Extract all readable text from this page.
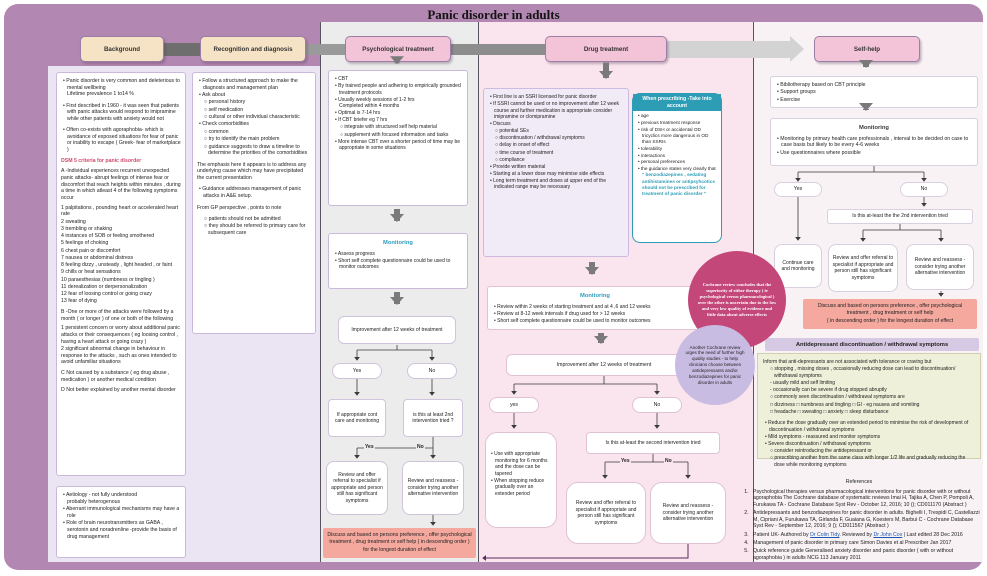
Panic disorder in adults
Background	Recognition and diagnosis	Psychological treatment	Drug treatment	Self-help
• Panic disorder is very common and deleterious to mental wellbeing
Lifetime prevalence 1 to14 %
• First described in 1960 - it was seen that patients with panic attacks would respond to imipramine while other patients with anxiety would not
• Often co-exists with agoraphobia- which is avoidance of exposed situations for fear of panic or inability to escape ( Greek- fear of marketplace )
DSM 5 criteria for panic disorder
A -Individual experiences recurrent unexpected panic attacks- abrupt feelings of intense fear or discomfort that reach heights within minutes , during a time in which atleast 4 of the following symptoms occur
1 palpitations , pounding heart or accelerated heart rate
2 sweating
3 trembling or shaking
4 instances of SOB or feeling smothered
5 feelings of choking
6 chest pain or discomfort
7 nausea or abdominal distress
8 feeling dizzy , unsteady , light headed , or faint
9 chills or heat sensations
10 paraesthesias (numbness or tingling )
11 derealization or derpersonalization
12 fear of loosing control or going crazy
13 fear of dying
B -One or more of the attacks were followed by a month ( or longer ) of one or both of the following
1 persistent concern or worry about additional panic attacks or their consequences ( eg loosing control , having a heart attack or going crazy )
2 significant abnormal change in behaviour in response to the attacks , such as ones intended to avoid unfamiliar situations
C Not caused by a substance ( eg drug abuse , medication ) or another medical condition
D Not better explained by another mental disorder
• Aetiology - not fully understood
probably heterogenous
• Aberrant immunological mechanisms may have a role
• Role of brain neurotransmitters as GABA , serotonin and noradrenline -provide the basis of drug management
• Follow a structured approach to make the diagnosis and management plan
• Ask about
○ personal history
○ self medication
○ cultural or other individual characteristic
• Check comorbidities
○ common
○ try to identify the main problem
○ guidance suggests to draw a timeline to determine the priorities of the comorbidities
The emphasis here it appears is to address any underlying cause which may have precipitated the current presentation
• Guidance addresses management of panic attacks in A&E setup.
From GP perspective , points to note
○ patients should not be admitted
○ they should be referred to primary care for subsequent care
• CBT
• By trained people and adhering to empirically grounded treatment protocols
• Usually weekly sessions of 1-2 hrs
Completed within 4 months
• Optimal is 7-14 hrs
• If CBT briefer eg 7 hrs
○ integrate with structured self help material
○ supplement with focused information and tasks
• More intense CBT over a shorter period of time may be appropriate in some situations
Monitoring
• Assess progress
• Short self complete questionnaire could be used to monitor outcomes
Improvement after 12 weeks of treatment
Yes	No
If appropriate cont care and monitoring
is this at least 2nd intervention tried ?
Yes	No
Review and offer referral to specialist if appropriate and person still has significant symptoms
Review and reassess - consider trying another alternative intervention
Discuss and based on persons preference , offer psychological treatment , drug treatment or self help ( in descending order ) for the longest duration of effect
• First line is an SSRI licensed for panic disorder
• If SSRI cannot be used or no improvement after 12 week course and further medication is appropriate consider imipramine or clomipramine
• Discuss
○ potential SEs
○ discontinuation / withdrawal symptoms
○ delay in onset of effect
○ time course of treatment
○ compliance
• Provide written material
• Starting at a lower dose may minimise side effects
• Long term treatment and doses at upper end of the indicated range may be necessary
When prescribing -Take into account
• age
• previous treatment response
• risk of DSH or accidental OD tricyclics more dangerous in OD than SSRIs
• tolerability
• interactions
• personal preferences
• the guidance states very clearly that " benzodiazepines , sedating antihistamines or antipsyhcotics should not be prescribed for treatment of panic disorder "
Monitoring
• Review within 2 weeks of starting treatment and at 4 ,6 and 12 weeks
• Review at 8-12 week intervals if drug used for > 12 weeks
• Short self complete questionnaire could be used to monitor outcomes
Improvement after 12 weeks of treatment
yes	No
• Use with appropriate monitoring for 6 months and the dose can be tapered
• When stopping reduce gradually over an extender period
Is this at-least the second intervention tried
Yes	No
Review and offer referral to specialist if appropriate and person still has significant symptoms
Review and reassess - consider trying another alternative intervention
Cochrane review concludes that the superiority of either therapy ( ie psychological versus pharmacological ) over the other is uncertain due to the low and very low quality of evidence and little data about adverse effects
Another Cochrane review urges the need of further high quality studies - to help clinicians choose between antidepressants and/or benzodiazepines for panic disorder in adults
• Bibliotherapy based on CBT principle
• Support groups
• Exercise
Monitoring
• Monitoring by primary health care professionals , interval to be decided on case to case basis but likely to be every 4-6 weeks
• Use questionnaires where possible
Yes	No
Is this at-least the the 2nd intervention tried
Continue care and monitoring
Review and offer referral to specialist if appropriate and person still has significant symptoms
Review and reassess - consider trying another alternative intervention
Discuss and based on persons preference , offer psychological treatment , drug treatment or self help
( in descending order ) for the longest duration of effect
Antidepressant discontinuation / withdrawal symptoms
Inform that anti-depressants are not associated with tolerance or craving but
○ stopping , missing doses , occasionally reducing dose can lead to discontinuation/ withdrawal symptoms
- usually mild and self limiting
- occasionally can be severe if drug stopped abruptly
○ commonly seen discontinuation / withdrawal symptoms are
□ dizziness □ numbness and tingling □ GI - eg nausea and vomiting
□ headache □ sweating □ anxiety □ sleep disturbance
• Reduce the dose gradually over an extended period to minimise the risk of development of discontinuation / withdrawal symptoms
• Mild symptoms - reassured and monitor symptoms
• Severe discontinuation / withdrawal symptoms
○ consider reintroducing the antidepressant or
○ prescribing another from the same class with longer 1/2 life and gradually reducing the dose while monitoring symptoms
References
1. Psychological therapies versus pharmacological interventions for panic disorder with or without agoraphobia The Cochrane database of systematic reviews Imai H, Tajika A, Chen P, Pompoli A, Furukawa TA - Cochrane Database Syst Rev - October 12, 2016; 10 (); CD011170 (Abstract )
2. Antidepressants and benzodiazepines for panic disorder in adults. Bighelli I, Trespidi C, Castellazzi M, Cipriani A, Furukawa TA, Girlanda F, Guaiana G, Koesters M, Barbui C - Cochrane Database Syst Rev - September 12, 2016; 9 (); CD011567 (Abstract )
3. Patient UK- Authored by Dr Colin Tidy. Reviewed by Dr John Cox | Last edited 28 Dec 2016
4. Management of panic disorder in primary care Simon Davies et al Prescriber Jan 2017
5. Quick reference guide Generalised anxiety disorder and panic disorder ( with or without agoraphobia ) in adults NCG 113 January 2011
